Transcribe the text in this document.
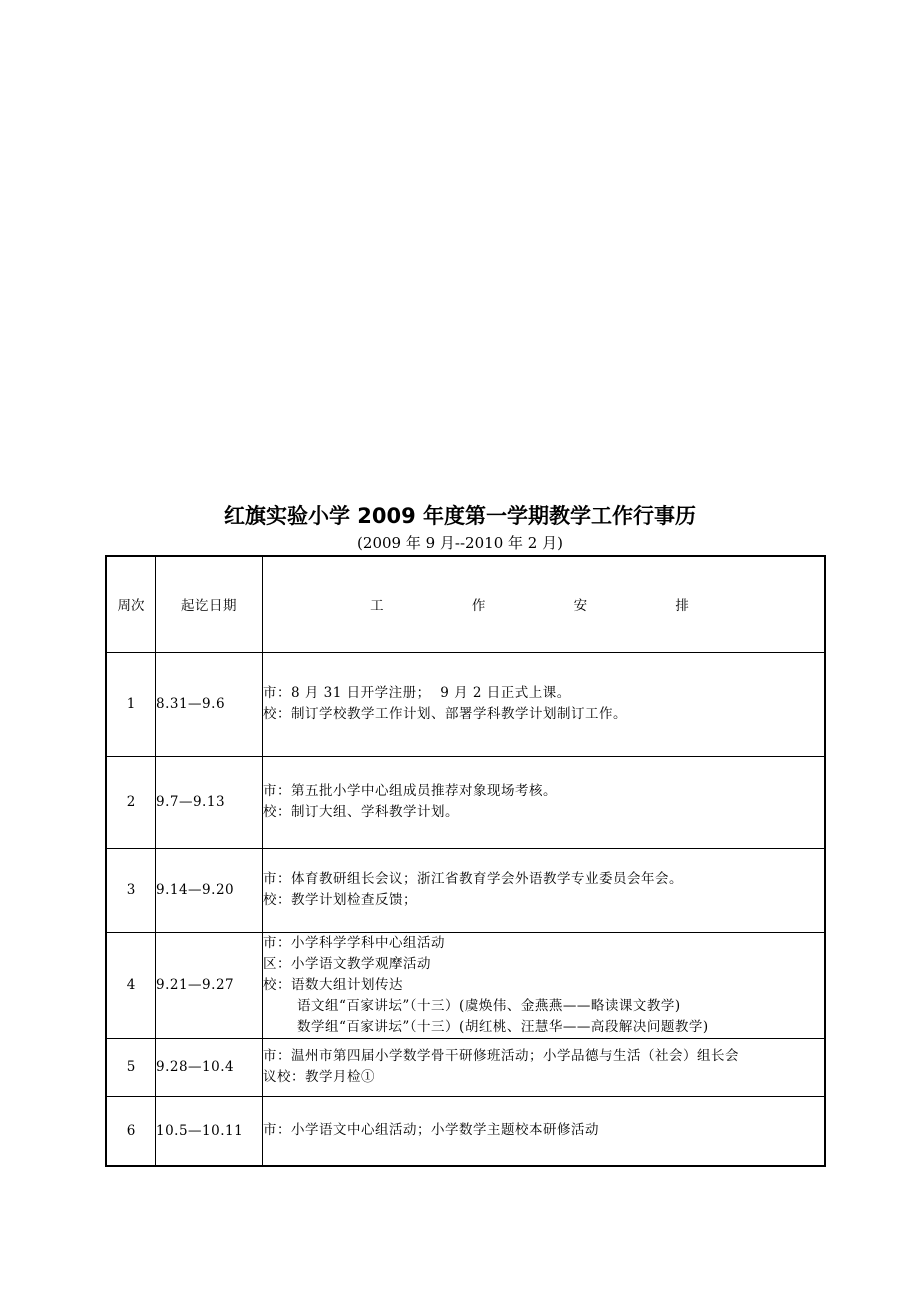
红旗实验小学 2009 年度第一学期教学工作行事历
(2009 年 9 月--2010 年 2 月)
周次	起讫日期	工 作 安 排
1	8.31—9.6	市：8 月 31 日开学注册；  9 月 2 日正式上课。
校：制订学校教学工作计划、部署学科教学计划制订工作。

2	9.7—9.13	市：第五批小学中心组成员推荐对象现场考核。
校：制订大组、学科教学计划。

3	9.14—9.20	市：体育教研组长会议；浙江省教育学会外语教学专业委员会年会。
校：教学计划检查反馈；

4	9.21—9.27	市：小学科学学科中心组活动
区：小学语文教学观摩活动
校：语数大组计划传达
语文组“百家讲坛”（十三）(虞焕伟、金燕燕——略读课文教学)
数学组“百家讲坛”（十三）(胡红桃、汪慧华——高段解决问题教学)

5	9.28—10.4	市：温州市第四届小学数学骨干研修班活动；小学品德与生活（社会）组长会
议校：教学月检①

6	10.5—10.11	市：小学语文中心组活动；小学数学主题校本研修活动
